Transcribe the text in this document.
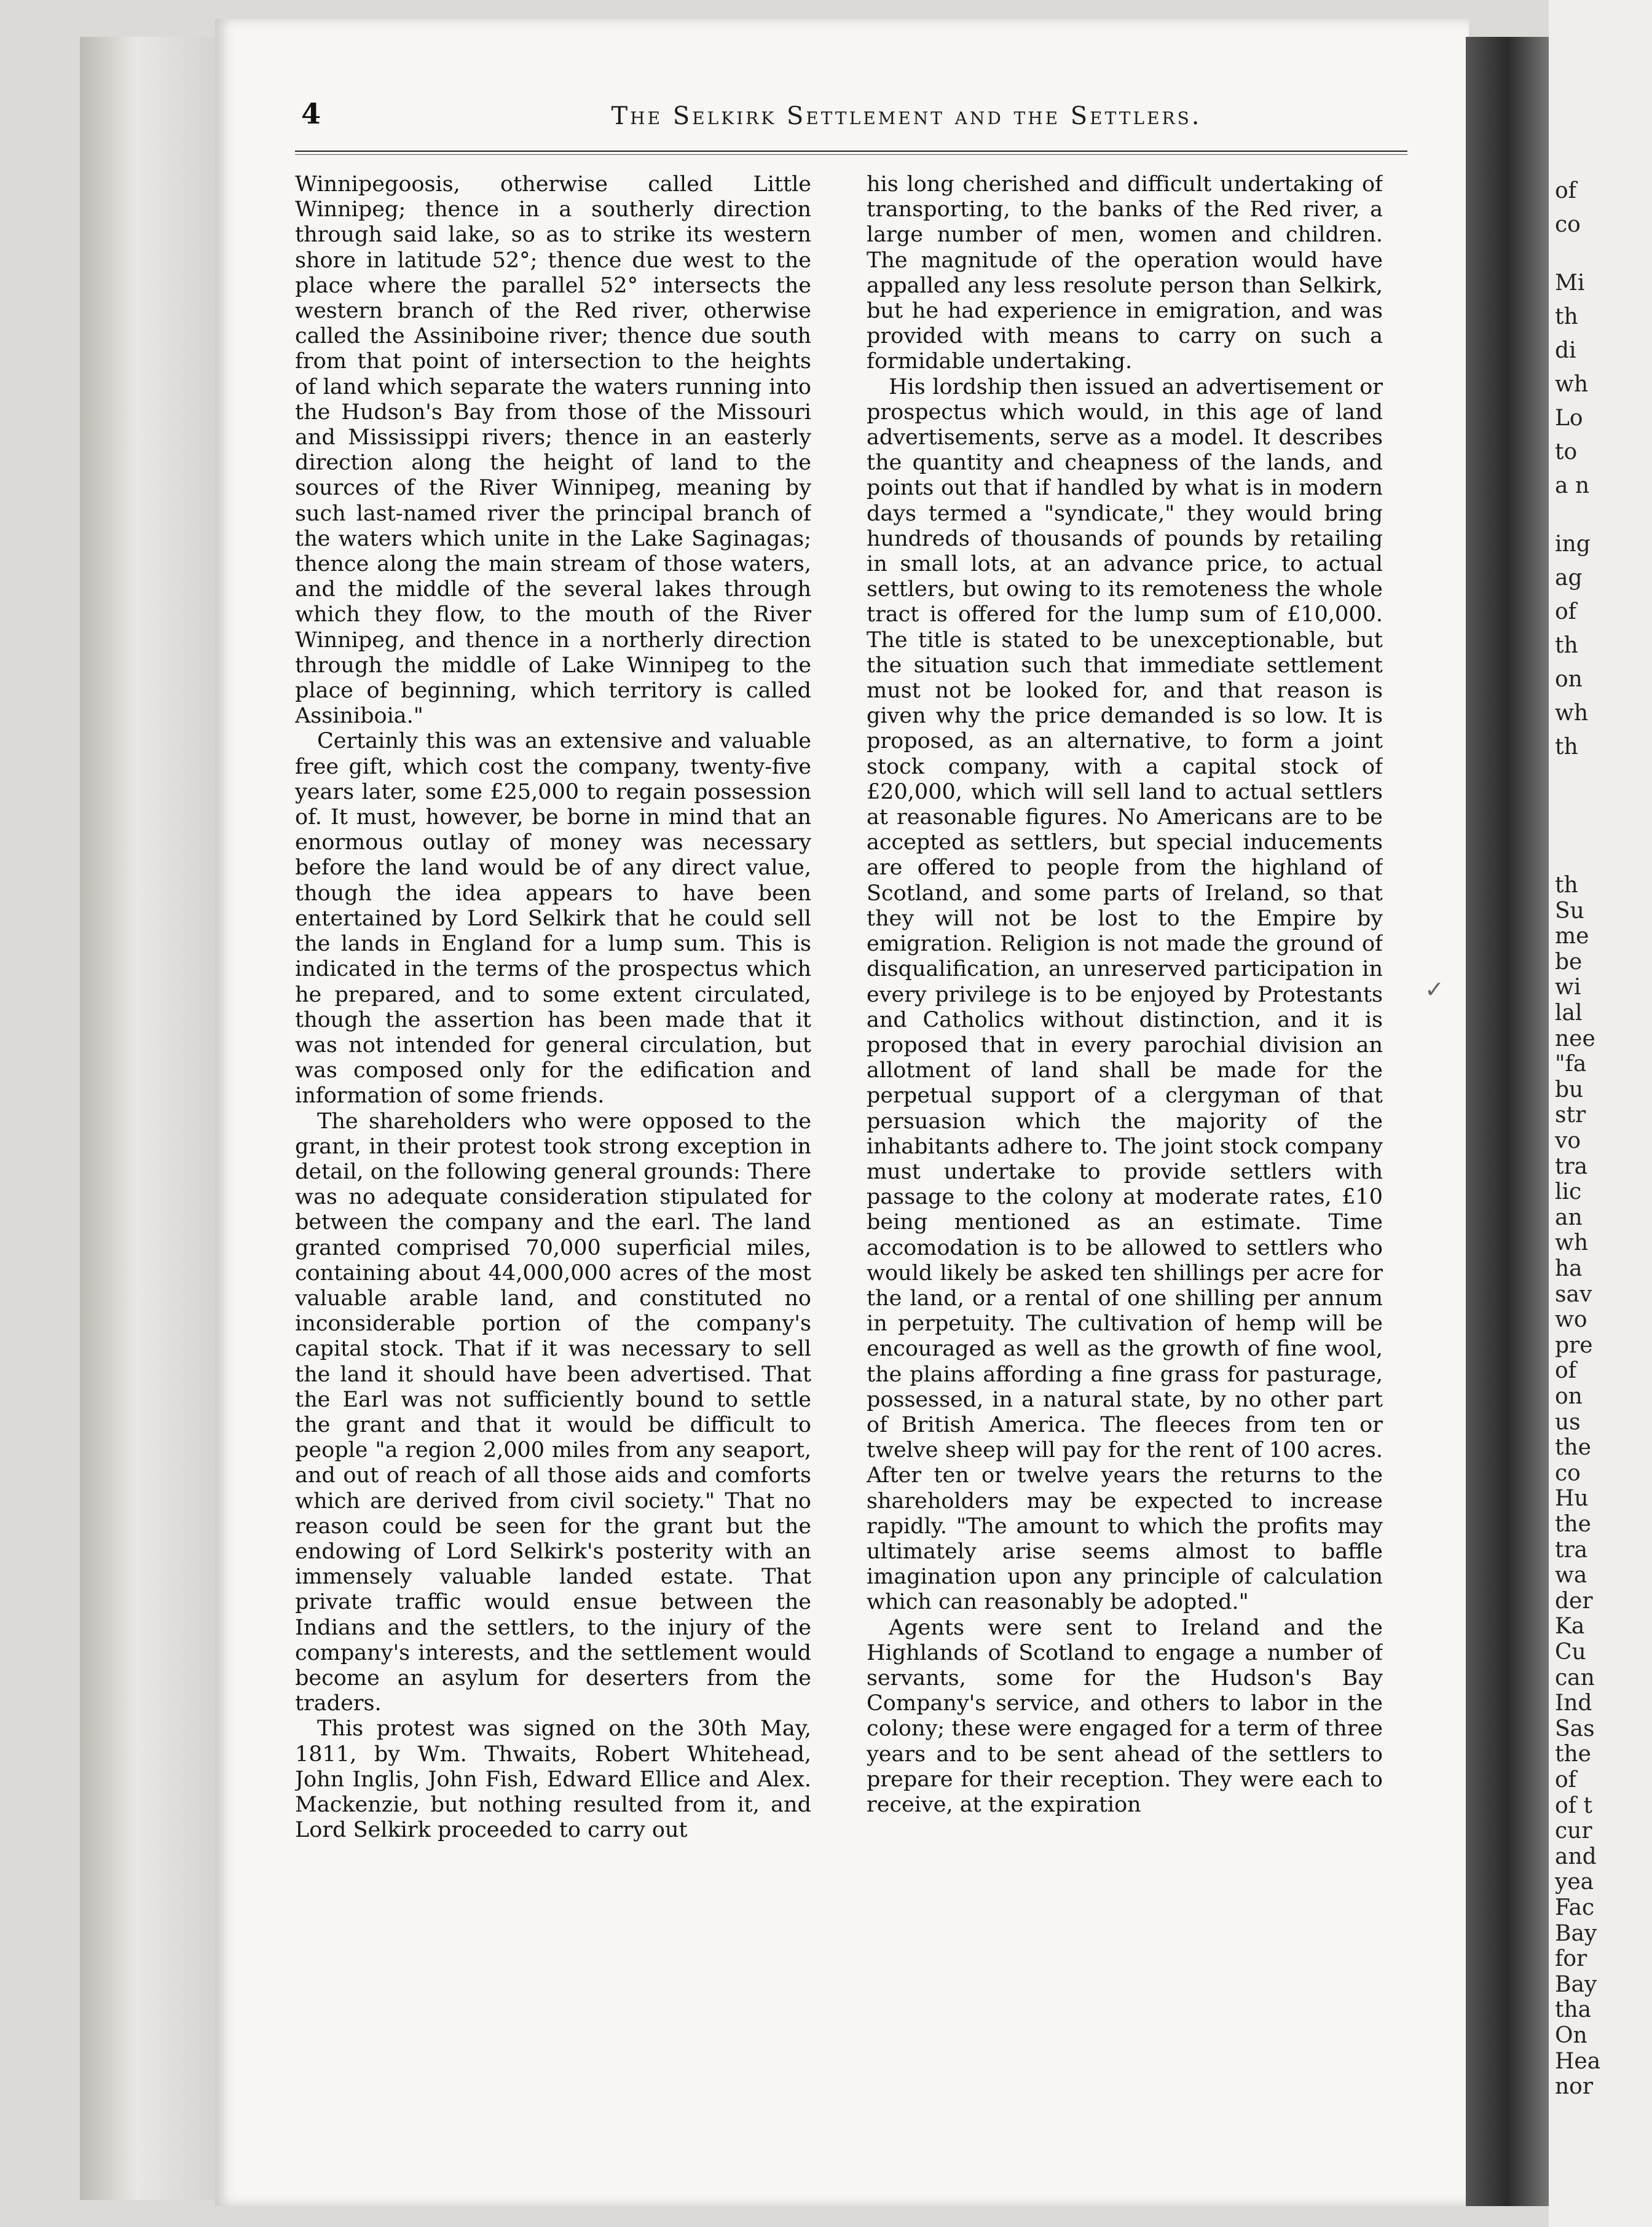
4	The Selkirk Settlement and the Settlers.

Winnipegoosis, otherwise called Little Winnipeg; thence in a southerly direction through said lake, so as to strike its western shore in latitude 52°; thence due west to the place where the parallel 52° intersects the western branch of the Red river, otherwise called the Assiniboine river; thence due south from that point of intersection to the heights of land which separate the waters running into the Hudson's Bay from those of the Missouri and Mississippi rivers; thence in an easterly direction along the height of land to the sources of the River Winnipeg, meaning by such last-named river the principal branch of the waters which unite in the Lake Saginagas; thence along the main stream of those waters, and the middle of the several lakes through which they flow, to the mouth of the River Winnipeg, and thence in a northerly direction through the middle of Lake Winnipeg to the place of beginning, which territory is called Assiniboia."

Certainly this was an extensive and valuable free gift, which cost the company, twenty-five years later, some £25,000 to regain possession of. It must, however, be borne in mind that an enormous outlay of money was necessary before the land would be of any direct value, though the idea appears to have been entertained by Lord Selkirk that he could sell the lands in England for a lump sum. This is indicated in the terms of the prospectus which he prepared, and to some extent circulated, though the assertion has been made that it was not intended for general circulation, but was composed only for the edification and information of some friends.

The shareholders who were opposed to the grant, in their protest took strong exception in detail, on the following general grounds: There was no adequate consideration stipulated for between the company and the earl. The land granted comprised 70,000 superficial miles, containing about 44,000,000 acres of the most valuable arable land, and constituted no inconsiderable portion of the company's capital stock. That if it was necessary to sell the land it should have been advertised. That the Earl was not sufficiently bound to settle the grant and that it would be difficult to people "a region 2,000 miles from any seaport, and out of reach of all those aids and comforts which are derived from civil society." That no reason could be seen for the grant but the endowing of Lord Selkirk's posterity with an immensely valuable landed estate. That private traffic would ensue between the Indians and the settlers, to the injury of the company's interests, and the settlement would become an asylum for deserters from the traders.

This protest was signed on the 30th May, 1811, by Wm. Thwaits, Robert Whitehead, John Inglis, John Fish, Edward Ellice and Alex. Mackenzie, but nothing resulted from it, and Lord Selkirk proceeded to carry out

his long cherished and difficult undertaking of transporting, to the banks of the Red river, a large number of men, women and children. The magnitude of the operation would have appalled any less resolute person than Selkirk, but he had experience in emigration, and was provided with means to carry on such a formidable undertaking.

His lordship then issued an advertisement or prospectus which would, in this age of land advertisements, serve as a model. It describes the quantity and cheapness of the lands, and points out that if handled by what is in modern days termed a "syndicate," they would bring hundreds of thousands of pounds by retailing in small lots, at an advance price, to actual settlers, but owing to its remoteness the whole tract is offered for the lump sum of £10,000. The title is stated to be unexceptionable, but the situation such that immediate settlement must not be looked for, and that reason is given why the price demanded is so low. It is proposed, as an alternative, to form a joint stock company, with a capital stock of £20,000, which will sell land to actual settlers at reasonable figures. No Americans are to be accepted as settlers, but special inducements are offered to people from the highland of Scotland, and some parts of Ireland, so that they will not be lost to the Empire by emigration. Religion is not made the ground of disqualification, an unreserved participation in every privilege is to be enjoyed by Protestants and Catholics without distinction, and it is proposed that in every parochial division an allotment of land shall be made for the perpetual support of a clergyman of that persuasion which the majority of the inhabitants adhere to. The joint stock company must undertake to provide settlers with passage to the colony at moderate rates, £10 being mentioned as an estimate. Time accomodation is to be allowed to settlers who would likely be asked ten shillings per acre for the land, or a rental of one shilling per annum in perpetuity. The cultivation of hemp will be encouraged as well as the growth of fine wool, the plains affording a fine grass for pasturage, possessed, in a natural state, by no other part of British America. The fleeces from ten or twelve sheep will pay for the rent of 100 acres. After ten or twelve years the returns to the shareholders may be expected to increase rapidly. "The amount to which the profits may ultimately arise seems almost to baffle imagination upon any principle of calculation which can reasonably be adopted."

Agents were sent to Ireland and the Highlands of Scotland to engage a number of servants, some for the Hudson's Bay Company's service, and others to labor in the colony; these were engaged for a term of three years and to be sent ahead of the settlers to prepare for their reception. They were each to receive, at the expiration

✓
of
co
Mi
th
di
wh
Lo
to
a n
ing
ag
of
th
on
wh
th
th
Su
me
be
wi
lal
nee
"fa
bu
str
vo
tra
lic
an
wh
ha
sav
wo
pre
of
on
us
the
co
Hu
the
tra
wa
der
Ka
Cu
can
Ind
Sas
the
of
of t
cur
and
yea
Fac
Bay
for
Bay
tha
On
Hea
nor
